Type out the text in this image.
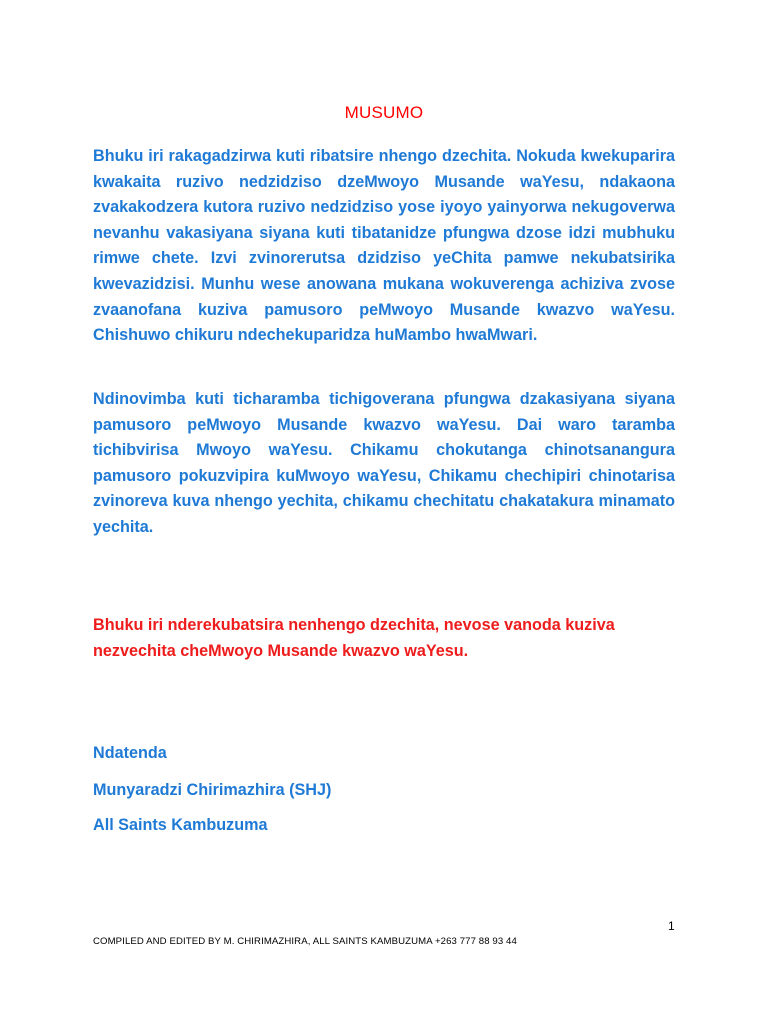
MUSUMO

Bhuku iri rakagadzirwa kuti ribatsire nhengo dzechita. Nokuda kwekuparira kwakaita ruzivo nedzidziso dzeMwoyo Musande waYesu, ndakaona zvakakodzera kutora ruzivo nedzidziso yose iyoyo yainyorwa nekugoverwa nevanhu vakasiyana siyana kuti tibatanidze pfungwa dzose idzi mubhuku rimwe chete. Izvi zvinorerutsa dzidziso yeChita pamwe nekubatsirika kwevazidzisi. Munhu wese anowana mukana wokuverenga achiziva zvose zvaanofana kuziva pamusoro peMwoyo Musande kwazvo waYesu. Chishuwo chikuru ndechekuparidza huMambo hwaMwari.

Ndinovimba kuti ticharamba tichigoverana pfungwa dzakasiyana siyana pamusoro peMwoyo Musande kwazvo waYesu. Dai waro taramba tichibvirisa Mwoyo waYesu. Chikamu chokutanga chinotsanangura pamusoro pokuzvipira kuMwoyo waYesu, Chikamu chechipiri chinotarisa zvinoreva kuva nhengo yechita, chikamu chechitatu chakatakura minamato yechita.

Bhuku iri nderekubatsira nenhengo dzechita, nevose vanoda kuziva nezvechita cheMwoyo Musande kwazvo waYesu.

Ndatenda

Munyaradzi Chirimazhira (SHJ)

All Saints Kambuzuma

1
COMPILED AND EDITED BY M. CHIRIMAZHIRA, ALL SAINTS KAMBUZUMA +263 777 88 93 44
